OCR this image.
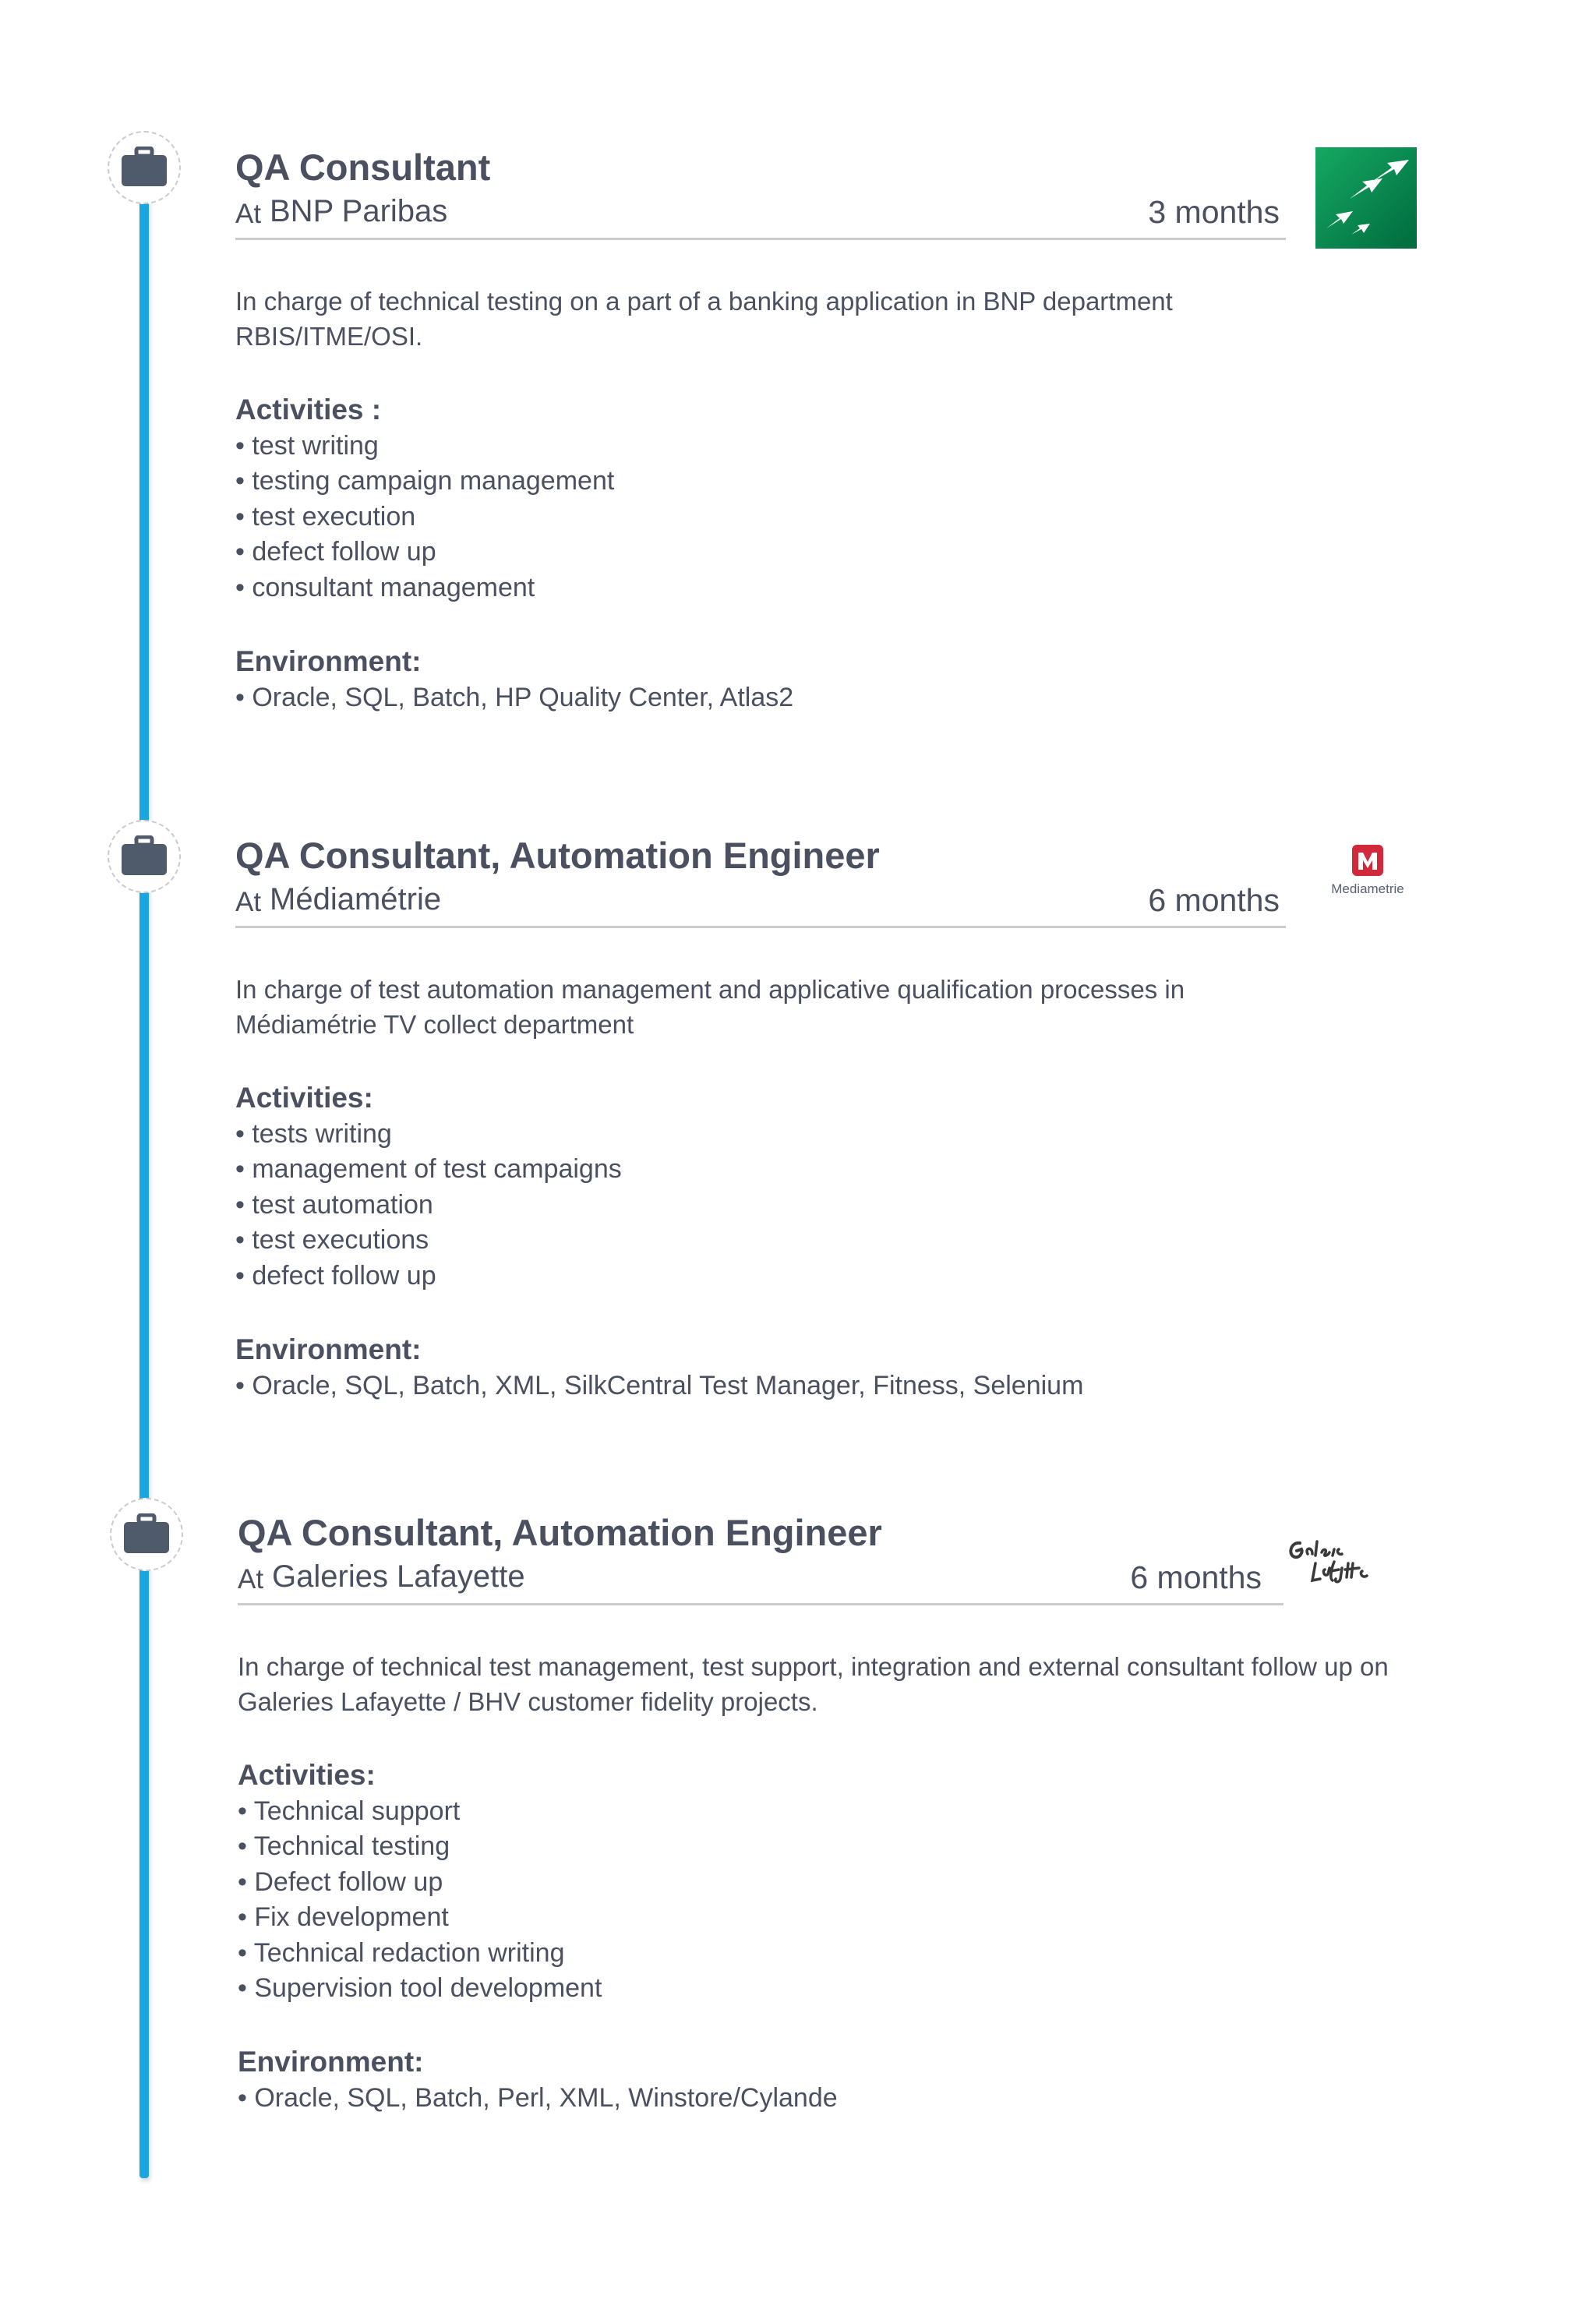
QA Consultant
At BNP Paribas	3 months
In charge of technical testing on a part of a banking application in BNP department RBIS/ITME/OSI.
Activities :
• test writing
• testing campaign management
• test execution
• defect follow up
• consultant management
Environment:
• Oracle, SQL, Batch, HP Quality Center, Atlas2
QA Consultant, Automation Engineer
At Médiamétrie	6 months
In charge of test automation management and applicative qualification processes in Médiamétrie TV collect department
Activities:
• tests writing
• management of test campaigns
• test automation
• test executions
• defect follow up
Environment:
• Oracle, SQL, Batch, XML, SilkCentral Test Manager, Fitness, Selenium
Mediametrie
QA Consultant, Automation Engineer
At Galeries Lafayette	6 months
In charge of technical test management, test support, integration and external consultant follow up on Galeries Lafayette / BHV customer fidelity projects.
Activities:
• Technical support
• Technical testing
• Defect follow up
• Fix development
• Technical redaction writing
• Supervision tool development
Environment:
• Oracle, SQL, Batch, Perl, XML, Winstore/Cylande
